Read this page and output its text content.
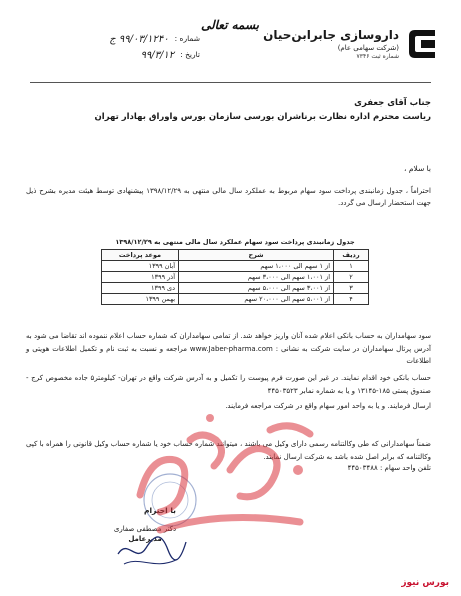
داروسازی جابرابن‌حیان
(شرکت سهامی عام)
شماره ثبت ۷۳۴۶
بسمه تعالی
شماره :
۹۹/۰۳/۱۲۴۰ ج
تاریخ :
۹۹/۳/۱۲
جناب آقای جعفری
ریاست محترم اداره نظارت برناشران بورسی سازمان بورس واوراق بهادار تهران
با سلام ،
احتراماً ، جدول زمانبندی پرداخت سود سهام مربوط به عملکرد سال مالی منتهی به ۱۳۹۸/۱۲/۲۹ پیشنهادی توسط هیئت مدیره بشرح ذیل جهت استحضار ارسال می گردد.
جدول زمانبندی پرداخت سود سهام عملکرد سال مالی منتهی به ۱۳۹۸/۱۲/۲۹
ردیف	شرح	موعد پرداخت
۱	از ۱ سهم الی ۱،۰۰۰ سهم	آبان ۱۳۹۹
۲	از ۱،۰۰۱ سهم الی ۳،۰۰۰ سهم	آذر ۱۳۹۹
۳	از ۳،۰۰۱ سهم الی ۵،۰۰۰ سهم	دی ۱۳۹۹
۴	از ۵،۰۰۱ سهم الی ۲۰،۰۰۰ سهم	بهمن ۱۳۹۹
سود سهامداران به حساب بانکی اعلام شده آنان واریز خواهد شد. از تمامی سهامداران که شماره حساب اعلام ننموده اند تقاضا می شود به آدرس پرتال سهامداران در سایت شرکت به نشانی : www.Jaber-pharma.com مراجعه و نسبت به ثبت نام و تکمیل اطلاعات هویتی و اطلاعات
حساب بانکی خود اقدام نمایند. در غیر این صورت فرم پیوست را تکمیل و به آدرس شرکت واقع در تهران- کیلومتر۵ جاده مخصوص کرج - صندوق پستی ۱۸۵-۱۳۱۴۵ و یا به شماره نمابر ۴۴۵۰۳۵۲۳
ارسال فرمایند. و یا به واحد امور سهام واقع در شرکت مراجعه فرمایند.
ضمناً سهامدارانی که طی وکالتنامه رسمی دارای وکیل می باشند ، میتوانند شماره حساب خود یا شماره حساب وکیل قانونی را همراه با کپی وکالتنامه که برابر اصل شده باشد به شرکت ارسال نمایند.
تلفن واحد سهام : ۴۴۵۰۳۴۸۸
با احترام
دکتر مصطفی صفاری
مدیرعامل
بورس نیوز
